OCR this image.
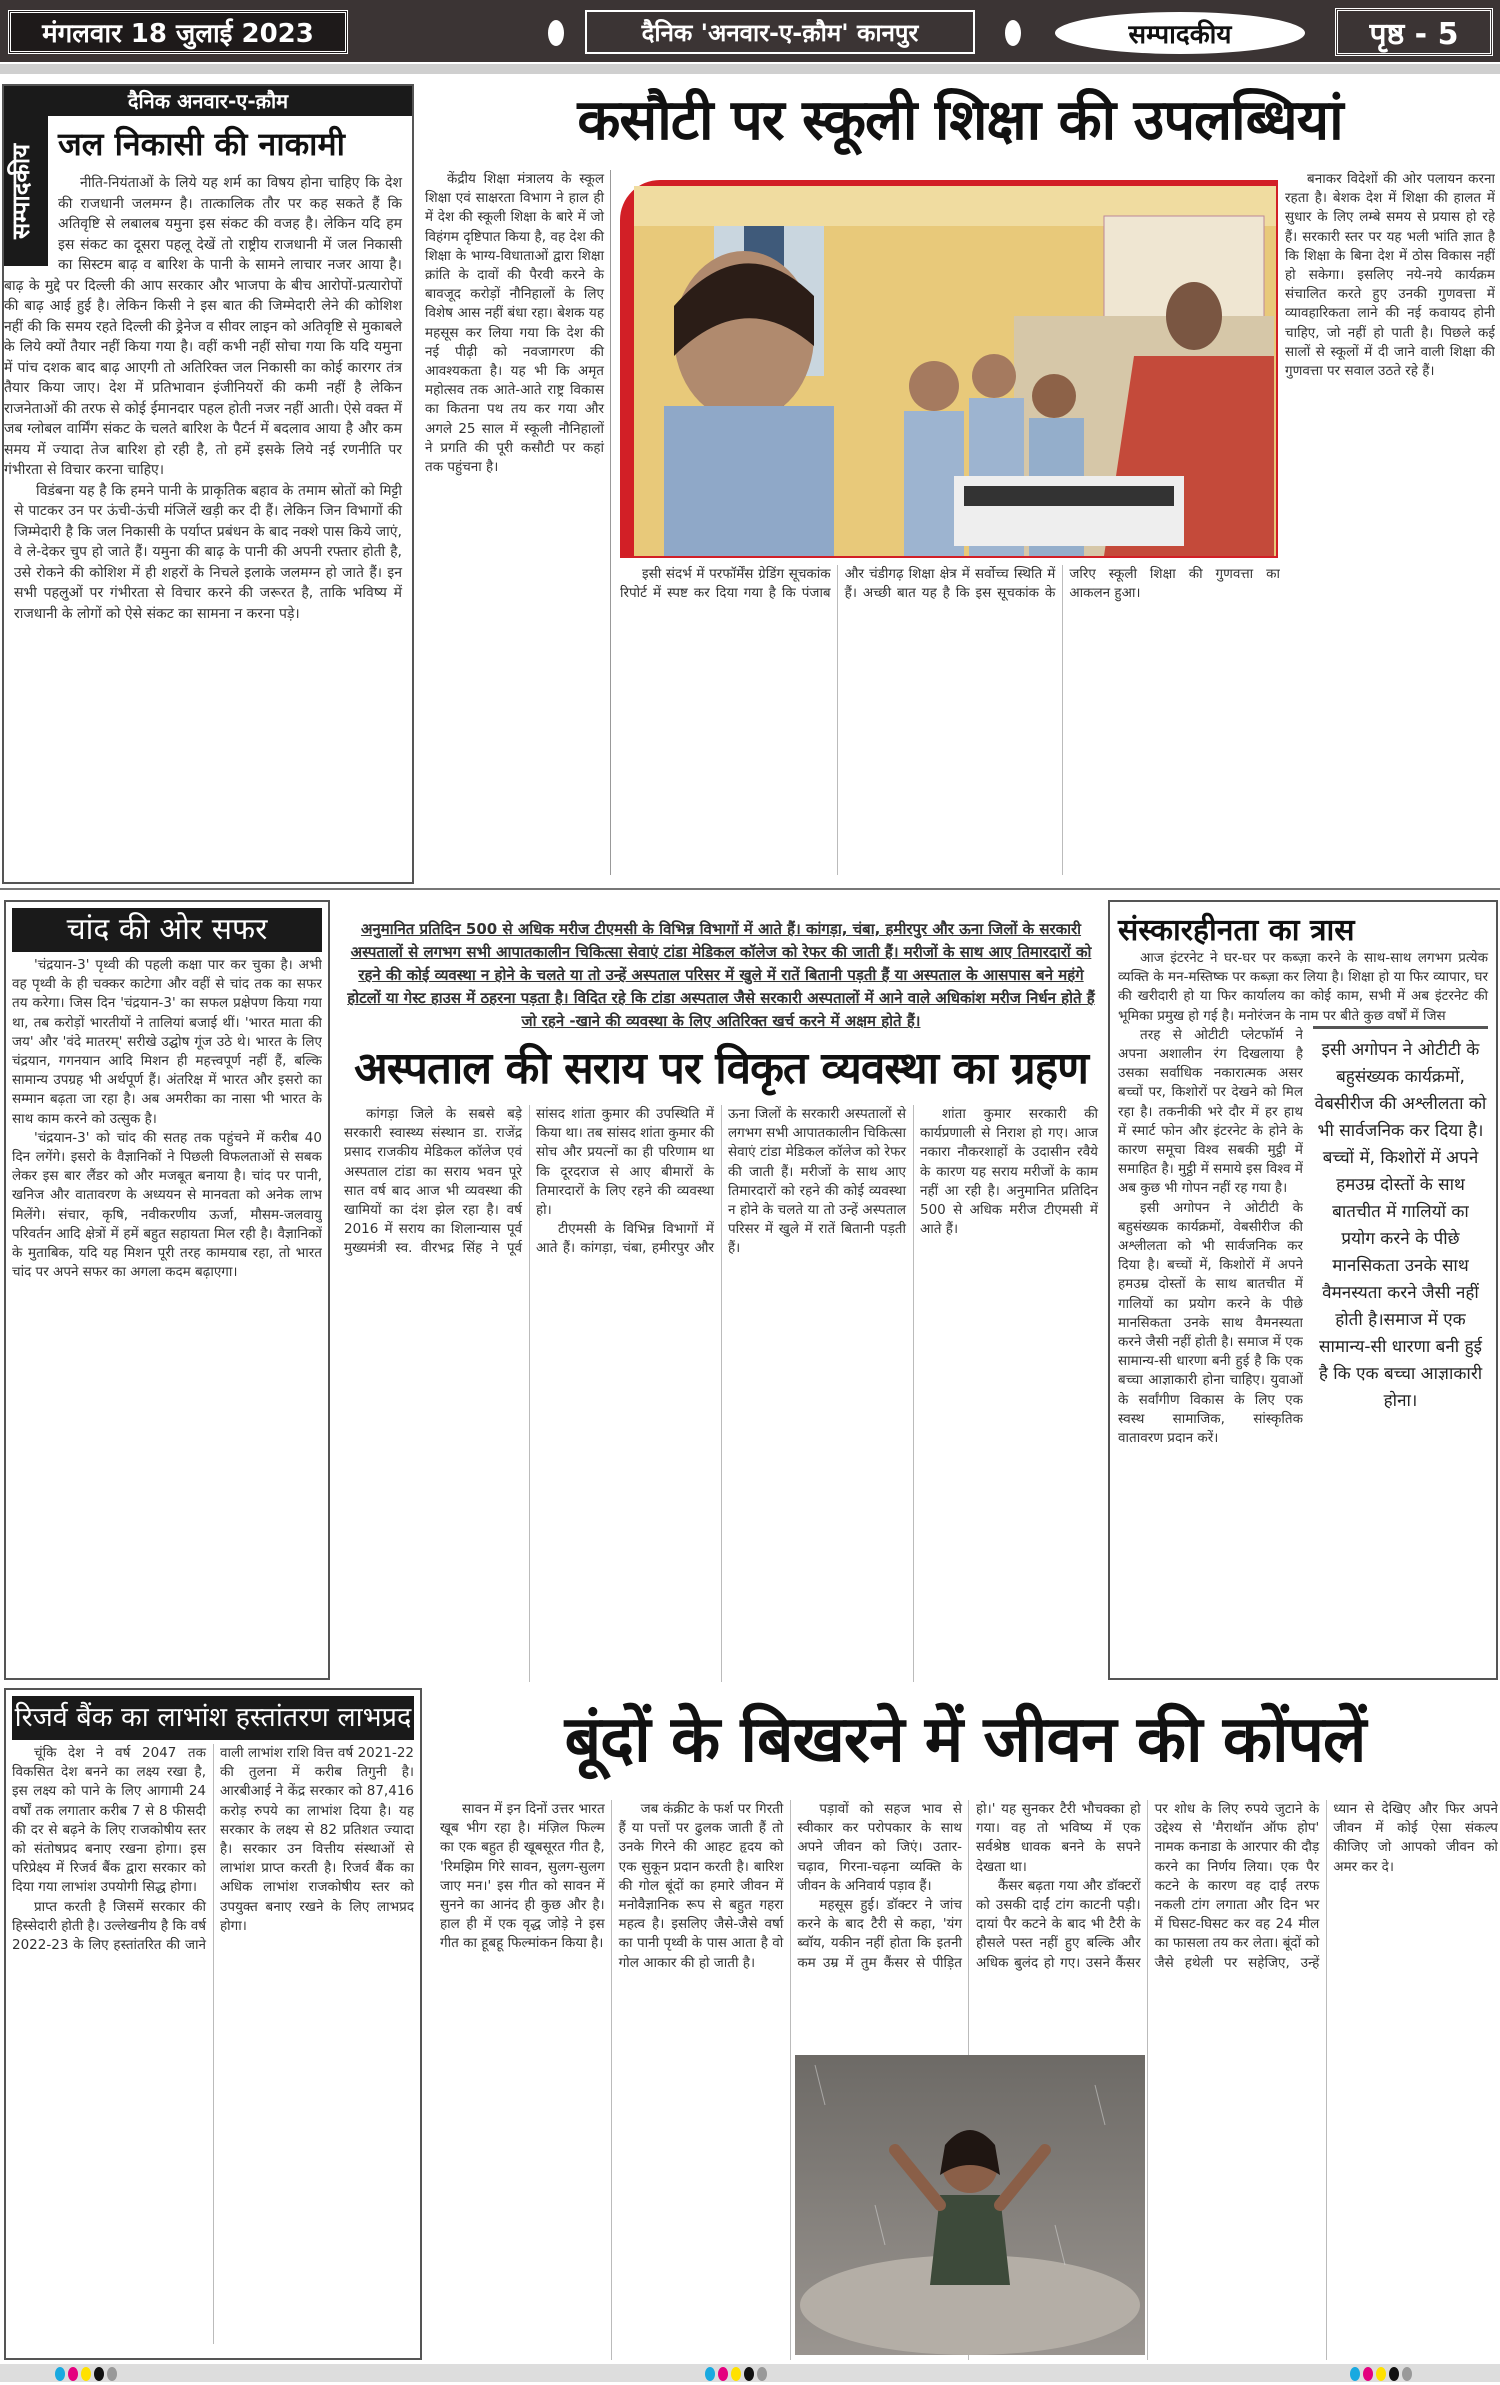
मंगलवार 18 जुलाई 2023	दैनिक 'अनवार-ए-क़ौम' कानपुर	सम्पादकीय	पृष्ठ - 5
दैनिक अनवार-ए-क़ौम
सम्पादकीय जल निकासी की नाकामी

नीति-नियंताओं के लिये यह शर्म का विषय होना चाहिए कि देश की राजधानी जलमग्न है। तात्कालिक तौर पर कह सकते हैं कि अतिवृष्टि से लबालब यमुना इस संकट की वजह है। लेकिन यदि हम इस संकट का दूसरा पहलू देखें तो राष्ट्रीय राजधानी में जल निकासी का सिस्टम बाढ़ व बारिश के पानी के सामने लाचार नजर आया है। बाढ़ के मुद्दे पर दिल्ली की आप सरकार और भाजपा के बीच आरोपों-प्रत्यारोपों की बाढ़ आई हुई है। लेकिन किसी ने इस बात की जिम्मेदारी लेने की कोशिश नहीं की कि समय रहते दिल्ली की ड्रेनेज व सीवर लाइन को अतिवृष्टि से मुकाबले के लिये क्यों तैयार नहीं किया गया है। वहीं कभी नहीं सोचा गया कि यदि यमुना में पांच दशक बाद बाढ़ आएगी तो अतिरिक्त जल निकासी का कोई कारगर तंत्र तैयार किया जाए। देश में प्रतिभावान इंजीनियरों की कमी नहीं है लेकिन राजनेताओं की तरफ से कोई ईमानदार पहल होती नजर नहीं आती। ऐसे वक्त में जब ग्लोबल वार्मिंग संकट के चलते बारिश के पैटर्न में बदलाव आया है और कम समय में ज्यादा तेज बारिश हो रही है, तो हमें इसके लिये नई रणनीति पर गंभीरता से विचार करना चाहिए।

विडंबना यह है कि हमने पानी के प्राकृतिक बहाव के तमाम स्रोतों को मिट्टी से पाटकर उन पर ऊंची-ऊंची मंजिलें खड़ी कर दी हैं। लेकिन जिन विभागों की जिम्मेदारी है कि जल निकासी के पर्याप्त प्रबंधन के बाद नक्शे पास किये जाएं, वे ले-देकर चुप हो जाते हैं। यमुना की बाढ़ के पानी की अपनी रफ्तार होती है, उसे रोकने की कोशिश में ही शहरों के निचले इलाके जलमग्न हो जाते हैं। इन सभी पहलुओं पर गंभीरता से विचार करने की जरूरत है, ताकि भविष्य में राजधानी के लोगों को ऐसे संकट का सामना न करना पड़े।

कसौटी पर स्कूली शिक्षा की उपलब्धियां

केंद्रीय शिक्षा मंत्रालय के स्कूल शिक्षा एवं साक्षरता विभाग ने हाल ही में देश की स्कूली शिक्षा के बारे में जो विहंगम दृष्टिपात किया है, वह देश की शिक्षा के भाग्य-विधाताओं द्वारा शिक्षा क्रांति के दावों की पैरवी करने के बावजूद करोड़ों नौनिहालों के लिए विशेष आस नहीं बंधा रहा। बेशक यह महसूस कर लिया गया कि देश की नई पीढ़ी को नवजागरण की आवश्यकता है। यह भी कि अमृत महोत्सव तक आते-आते राष्ट्र विकास का कितना पथ तय कर गया और अगले 25 साल में स्कूली नौनिहालों ने प्रगति की पूरी कसौटी पर कहां तक पहुंचना है।

बनाकर विदेशों की ओर पलायन करना रहता है। बेशक देश में शिक्षा की हालत में सुधार के लिए लम्बे समय से प्रयास हो रहे हैं। सरकारी स्तर पर यह भली भांति ज्ञात है कि शिक्षा के बिना देश में ठोस विकास नहीं हो सकेगा। इसलिए नये-नये कार्यक्रम संचालित करते हुए उनकी गुणवत्ता में व्यावहारिकता लाने की नई कवायद होनी चाहिए, जो नहीं हो पाती है। पिछले कई सालों से स्कूलों में दी जाने वाली शिक्षा की गुणवत्ता पर सवाल उठते रहे हैं।

इसी संदर्भ में परफॉर्मेंस ग्रेडिंग सूचकांक रिपोर्ट में स्पष्ट कर दिया गया है कि पंजाब और चंडीगढ़ शिक्षा क्षेत्र में सर्वोच्च स्थिति में हैं। अच्छी बात यह है कि इस सूचकांक के जरिए स्कूली शिक्षा की गुणवत्ता का आकलन हुआ।

चांद की ओर सफर

'चंद्रयान-3' पृथ्वी की पहली कक्षा पार कर चुका है। अभी वह पृथ्वी के ही चक्कर काटेगा और वहीं से चांद तक का सफर तय करेगा। जिस दिन 'चंद्रयान-3' का सफल प्रक्षेपण किया गया था, तब करोड़ों भारतीयों ने तालियां बजाई थीं। 'भारत माता की जय' और 'वंदे मातरम्' सरीखे उद्घोष गूंज उठे थे। भारत के लिए चंद्रयान, गगनयान आदि मिशन ही महत्त्वपूर्ण नहीं हैं, बल्कि सामान्य उपग्रह भी अर्थपूर्ण हैं। अंतरिक्ष में भारत और इसरो का सम्मान बढ़ता जा रहा है। अब अमरीका का नासा भी भारत के साथ काम करने को उत्सुक है।

'चंद्रयान-3' को चांद की सतह तक पहुंचने में करीब 40 दिन लगेंगे। इसरो के वैज्ञानिकों ने पिछली विफलताओं से सबक लेकर इस बार लैंडर को और मजबूत बनाया है। चांद पर पानी, खनिज और वातावरण के अध्ययन से मानवता को अनेक लाभ मिलेंगे। संचार, कृषि, नवीकरणीय ऊर्जा, मौसम-जलवायु परिवर्तन आदि क्षेत्रों में हमें बहुत सहायता मिल रही है। वैज्ञानिकों के मुताबिक, यदि यह मिशन पूरी तरह कामयाब रहा, तो भारत चांद पर अपने सफर का अगला कदम बढ़ाएगा।

अनुमानित प्रतिदिन 500 से अधिक मरीज टीएमसी के विभिन्न विभागों में आते हैं। कांगड़ा, चंबा, हमीरपुर और ऊना जिलों के सरकारी अस्पतालों से लगभग सभी आपातकालीन चिकित्सा सेवाएं टांडा मेडिकल कॉलेज को रेफर की जाती हैं। मरीजों के साथ आए तिमारदारों को रहने की कोई व्यवस्था न होने के चलते या तो उन्हें अस्पताल परिसर में खुले में रातें बितानी पड़ती हैं या अस्पताल के आसपास बने महंगे होटलों या गेस्ट हाउस में ठहरना पड़ता है। विदित रहे कि टांडा अस्पताल जैसे सरकारी अस्पतालों में आने वाले अधिकांश मरीज निर्धन होते हैं जो रहने -खाने की व्यवस्था के लिए अतिरिक्त खर्च करने में अक्षम होते हैं।
अस्पताल की सराय पर विकृत व्यवस्था का ग्रहण

कांगड़ा जिले के सबसे बड़े सरकारी स्वास्थ्य संस्थान डा. राजेंद्र प्रसाद राजकीय मेडिकल कॉलेज एवं अस्पताल टांडा का सराय भवन पूरे सात वर्ष बाद आज भी व्यवस्था की खामियों का दंश झेल रहा है। वर्ष 2016 में सराय का शिलान्यास पूर्व मुख्यमंत्री स्व. वीरभद्र सिंह ने पूर्व सांसद शांता कुमार की उपस्थिति में किया था। तब सांसद शांता कुमार की सोच और प्रयत्नों का ही परिणाम था कि दूरदराज से आए बीमारों के तिमारदारों के लिए रहने की व्यवस्था हो।

टीएमसी के विभिन्न विभागों में आते हैं। कांगड़ा, चंबा, हमीरपुर और ऊना जिलों के सरकारी अस्पतालों से लगभग सभी आपातकालीन चिकित्सा सेवाएं टांडा मेडिकल कॉलेज को रेफर की जाती हैं। मरीजों के साथ आए तिमारदारों को रहने की कोई व्यवस्था न होने के चलते या तो उन्हें अस्पताल परिसर में खुले में रातें बितानी पड़ती हैं।

शांता कुमार सरकारी की कार्यप्रणाली से निराश हो गए। आज नकारा नौकरशाहों के उदासीन रवैये के कारण यह सराय मरीजों के काम नहीं आ रही है। अनुमानित प्रतिदिन 500 से अधिक मरीज टीएमसी में आते हैं।

संस्कारहीनता का त्रास

आज इंटरनेट ने घर-घर पर कब्ज़ा करने के साथ-साथ लगभग प्रत्येक व्यक्ति के मन-मस्तिष्क पर कब्ज़ा कर लिया है। शिक्षा हो या फिर व्यापार, घर की खरीदारी हो या फिर कार्यालय का कोई काम, सभी में अब इंटरनेट की भूमिका प्रमुख हो गई है। मनोरंजन के नाम पर बीते कुछ वर्षों में जिस

तरह से ओटीटी प्लेटफॉर्म ने अपना अशालीन रंग दिखलाया है उसका सर्वाधिक नकारात्मक असर बच्चों पर, किशोरों पर देखने को मिल रहा है। तकनीकी भरे दौर में हर हाथ में स्मार्ट फोन और इंटरनेट के होने के कारण समूचा विश्व सबकी मुट्ठी में समाहित है। मुट्ठी में समाये इस विश्व में अब कुछ भी गोपन नहीं रह गया है।

इसी अगोपन ने ओटीटी के बहुसंख्यक कार्यक्रमों, वेबसीरीज की अश्लीलता को भी सार्वजनिक कर दिया है। बच्चों में, किशोरों में अपने हमउम्र दोस्तों के साथ बातचीत में गालियों का प्रयोग करने के पीछे मानसिकता उनके साथ वैमनस्यता करने जैसी नहीं होती है। समाज में एक सामान्य-सी धारणा बनी हुई है कि एक बच्चा आज्ञाकारी होना चाहिए। युवाओं के सर्वांगीण विकास के लिए एक स्वस्थ सामाजिक, सांस्कृतिक वातावरण प्रदान करें।

इसी अगोपन ने ओटीटी के बहुसंख्यक कार्यक्रमों, वेबसीरीज की अश्लीलता को भी सार्वजनिक कर दिया है। बच्चों में, किशोरों में अपने हमउम्र दोस्तों के साथ बातचीत में गालियों का प्रयोग करने के पीछे मानसिकता उनके साथ वैमनस्यता करने जैसी नहीं होती है।समाज में एक सामान्य-सी धारणा बनी हुई है कि एक बच्चा आज्ञाकारी होना।
रिजर्व बैंक का लाभांश हस्तांतरण लाभप्रद

चूंकि देश ने वर्ष 2047 तक विकसित देश बनने का लक्ष्य रखा है, इस लक्ष्य को पाने के लिए आगामी 24 वर्षों तक लगातार करीब 7 से 8 फीसदी की दर से बढ़ने के लिए राजकोषीय स्तर को संतोषप्रद बनाए रखना होगा। इस परिप्रेक्ष्य में रिजर्व बैंक द्वारा सरकार को दिया गया लाभांश उपयोगी सिद्ध होगा।

प्राप्त करती है जिसमें सरकार की हिस्सेदारी होती है। उल्लेखनीय है कि वर्ष 2022-23 के लिए हस्तांतरित की जाने वाली लाभांश राशि वित्त वर्ष 2021-22 की तुलना में करीब तिगुनी है। आरबीआई ने केंद्र सरकार को 87,416 करोड़ रुपये का लाभांश दिया है। यह सरकार के लक्ष्य से 82 प्रतिशत ज्यादा है। सरकार उन वित्तीय संस्थाओं से लाभांश प्राप्त करती है। रिजर्व बैंक का अधिक लाभांश राजकोषीय स्तर को उपयुक्त बनाए रखने के लिए लाभप्रद होगा।

बूंदों के बिखरने में जीवन की कोंपलें

सावन में इन दिनों उत्तर भारत खूब भीग रहा है। मंज़िल फिल्म का एक बहुत ही खूबसूरत गीत है, 'रिमझिम गिरे सावन, सुलग-सुलग जाए मन।' इस गीत को सावन में सुनने का आनंद ही कुछ और है। हाल ही में एक वृद्ध जोड़े ने इस गीत का हूबहू फिल्मांकन किया है।

जब कंक्रीट के फर्श पर गिरती हैं या पत्तों पर ढुलक जाती हैं तो उनके गिरने की आहट हृदय को एक सुकून प्रदान करती है। बारिश की गोल बूंदों का हमारे जीवन में मनोवैज्ञानिक रूप से बहुत गहरा महत्व है। इसलिए जैसे-जैसे वर्षा का पानी पृथ्वी के पास आता है वो गोल आकार की हो जाती है।

पड़ावों को सहज भाव से स्वीकार कर परोपकार के साथ अपने जीवन को जिएं। उतार-चढ़ाव, गिरना-चढ़ना व्यक्ति के जीवन के अनिवार्य पड़ाव हैं।

महसूस हुई। डॉक्टर ने जांच करने के बाद टैरी से कहा, 'यंग ब्वॉय, यकीन नहीं होता कि इतनी कम उम्र में तुम कैंसर से पीड़ित हो।' यह सुनकर टैरी भौचक्का हो गया। वह तो भविष्य में एक सर्वश्रेष्ठ धावक बनने के सपने देखता था।

कैंसर बढ़ता गया और डॉक्टरों को उसकी दाईं टांग काटनी पड़ी। दायां पैर कटने के बाद भी टैरी के हौसले पस्त नहीं हुए बल्कि और अधिक बुलंद हो गए। उसने कैंसर पर शोध के लिए रुपये जुटाने के उद्देश्य से 'मैराथॉन ऑफ होप' नामक कनाडा के आरपार की दौड़ करने का निर्णय लिया। एक पैर कटने के कारण वह दाईं तरफ नकली टांग लगाता और दिन भर में घिसट-घिसट कर वह 24 मील का फासला तय कर लेता। बूंदों को जैसे हथेली पर सहेजिए, उन्हें ध्यान से देखिए और फिर अपने जीवन में कोई ऐसा संकल्प कीजिए जो आपको जीवन को अमर कर दे।
